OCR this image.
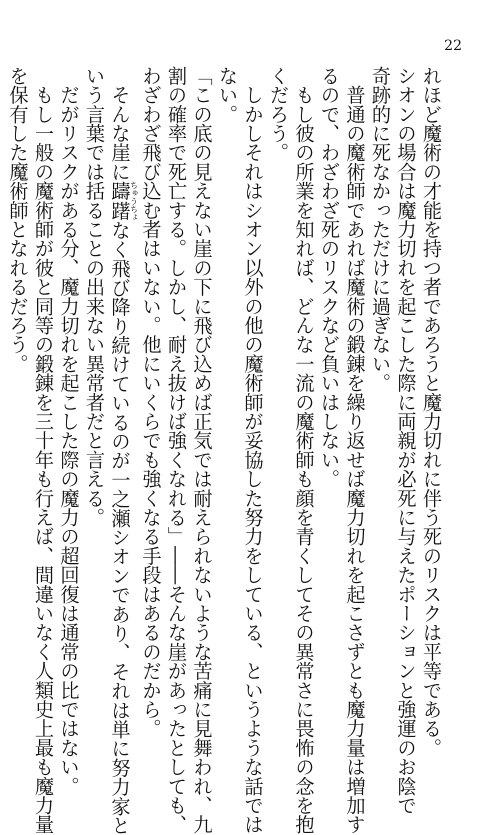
22
れほど魔術の才能を持つ者であろうと魔力切れに伴う死のリスクは平等である。
シオンの場合は魔力切れを起こした際に両親が必死に与えたポーションと強運のお陰で
奇跡的に死なかっただけに過ぎない。
　普通の魔術師であれば魔術の鍛錬を繰り返せば魔力切れを起こさずとも魔力量は増加す
るので、わざわざ死のリスクなど負いはしない。
　もし彼の所業を知れば、どんな一流の魔術師も顔を青くしてその異常さに畏怖の念を抱
くだろう。
　しかしそれはシオン以外の他の魔術師が妥協した努力をしている、というような話では
ない。
「この底の見えない崖の下に飛び込めば正気では耐えられないような苦痛に見舞われ、九
割の確率で死亡する。しかし、耐え抜けば強くなれる」――そんな崖があったとしても、
わざわざ飛び込む者はいない。他にいくらでも強くなる手段はあるのだから。
　そんな崖に躊躇ちゅうちょなく飛び降り続けているのが一之瀬シオンであり、それは単に努力家と
いう言葉では括ることの出来ない異常者だと言える。
　だがリスクがある分、魔力切れを起こした際の魔力の超回復は通常の比ではない。
　もし一般の魔術師が彼と同等の鍛錬を三十年も行えば、間違いなく人類史上最も魔力量
を保有した魔術師となれるだろう。
